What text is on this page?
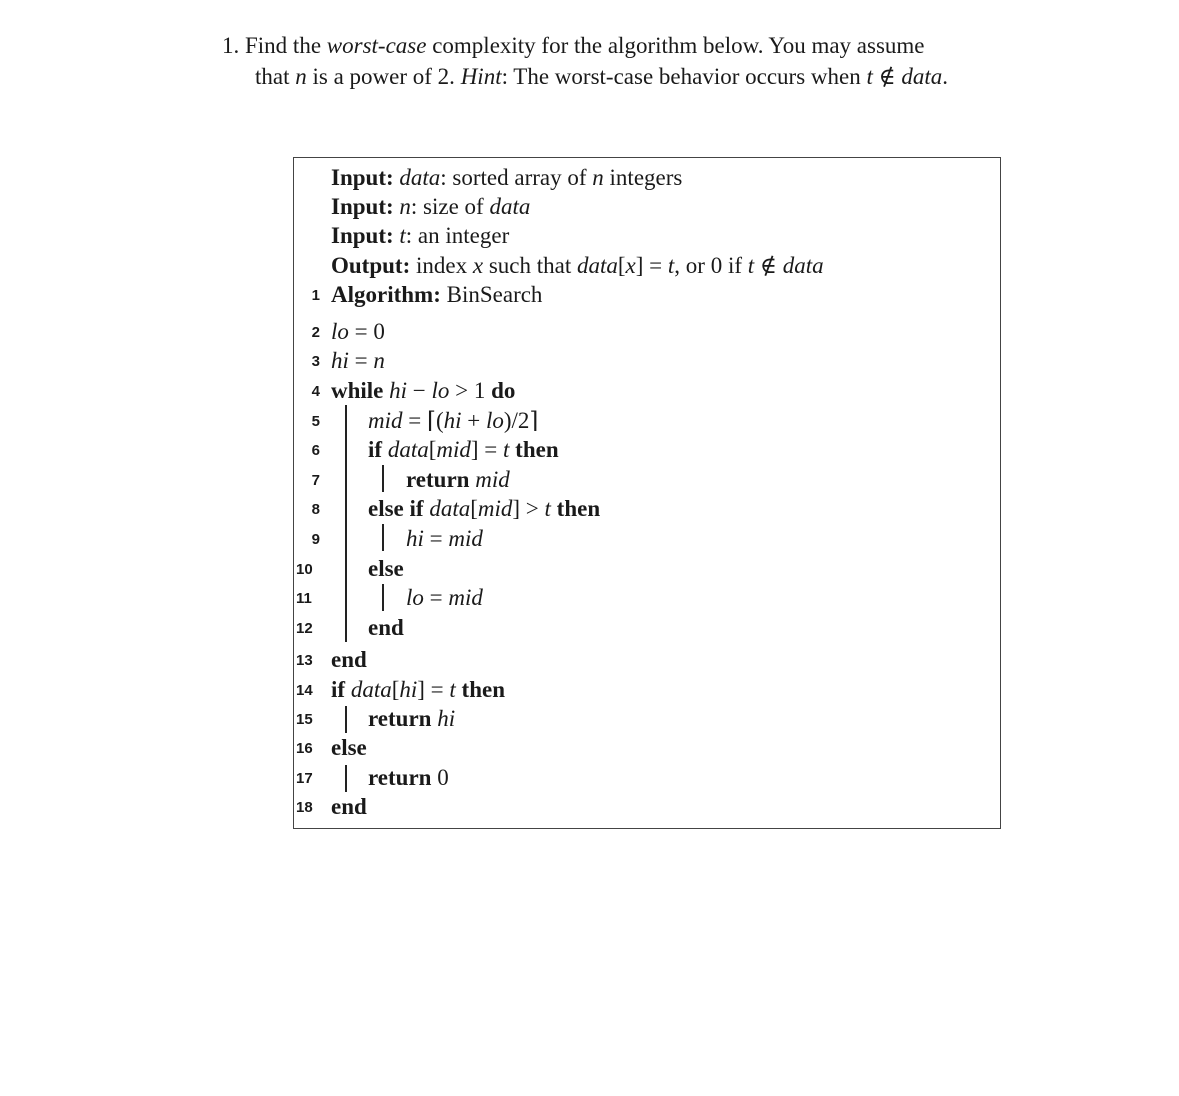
1. Find the worst-case complexity for the algorithm below. You may assume
that n is a power of 2. Hint: The worst-case behavior occurs when t ∉ data.
Input: data: sorted array of n integers
Input: n: size of data
Input: t: an integer
Output: index x such that data[x] = t, or 0 if t ∉ data
1 Algorithm: BinSearch
2 lo = 0
3 hi = n
4 while hi − lo > 1 do
5 mid = ⌈(hi + lo)/2⌉
6 if data[mid] = t then
7	return mid
8 else if data[mid] > t then
9	hi = mid
10 else
11	lo = mid
12 end
13 end
14 if data[hi] = t then
15 return hi
16 else
17 return 0
18 end
